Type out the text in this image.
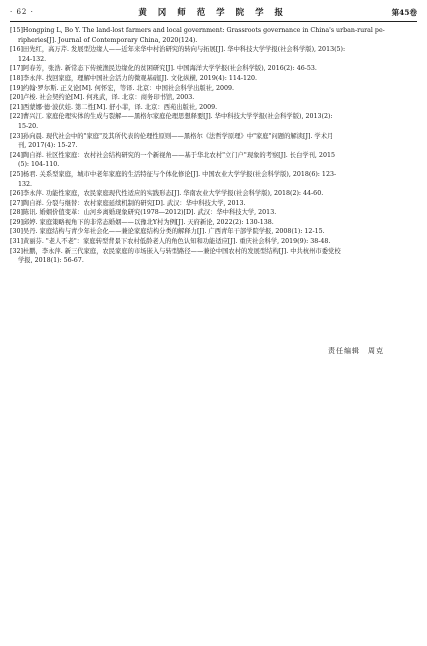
· 62 ·	黄 冈 师 范 学 院 学 报	第45卷
[15]Hongping L, Bo Y. The land-lost farmers and local government: Grassroots governance in China's urban-rural pe-
ripheries[J]. Journal of Contemporary China, 2020(124).
[16]田先红，高万芹. 发展型边缘人——近年来华中村治研究的转向与拓展[J]. 华中科技大学学报(社会科学版), 2013(5):
124-132.
[17]阿春芳，张浩. 新常态下传统渔民边缘化的贫困研究[J]. 中国海洋大学学报(社会科学版), 2016(2): 46-53.
[18]李永萍. 找回家庭，理解中国社会活力的微观基础[J]. 文化纵横, 2019(4): 114-120.
[19]约翰·罗尔斯. 正义论[M]. 何怀宏，等译. 北京：中国社会科学出版社, 2009.
[20]卢梭. 社会契约论[M]. 何兆武，译. 北京：商务印书馆, 2003.
[21]西蒙娜·德·波伏娃. 第二性[M]. 舒小菲，译. 北京：西苑出版社, 2009.
[22]曹兴江. 家庭伦理实体的生成与裂解——黑格尔家庭伦理思想释要[J]. 华中科技大学学报(社会科学版), 2013(2):
15-20.
[23]孙向晨. 现代社会中的"家庭"及其所代表的伦理性原则——黑格尔《法哲学原理》中"家庭"问题的解读[J]. 学术月
刊, 2017(4): 15-27.
[24]陶自祥. 社区性家庭：农村社会结构研究的一个新视角——基于华北农村"立门户"现象的考察[J]. 长白学刊, 2015
(5): 104-110.
[25]杨君. 关系型家庭，城市中老年家庭的生活特征与个体化修论[J]. 中国农业大学学报(社会科学版), 2018(6): 123-
132.
[26]李永萍. 功能性家庭，农民家庭现代性适应的实践形态[J]. 华南农业大学学报(社会科学版), 2018(2): 44-60.
[27]陶自祥. 分裂与继替：农村家庭延续机制的研究[D]. 武汉：华中科技大学, 2013.
[28]陈讯. 婚姻价值变革：山河乡离婚现象研究(1978—2012)[D]. 武汉：华中科技大学, 2013.
[29]邱婷. 家庭策略视角下的非常态婚姻——以豫北Y村为例[J]. 天府新论, 2022(2): 130-138.
[30]吴丹. 家庭结构与青少年社会化——兼论家庭结构分类的解释力[J]. 广西青年干部学院学报, 2008(1): 12-15.
[31]黄丽芬. "老人不老"：家庭转型背景下农村低龄老人的角色认知和功能适应[J]. 重庆社会科学, 2019(9): 38-48.
[32]杜鹏，李永萍. 新三代家庭，农民家庭的市场嵌入与转型路径——兼论中国农村的发展型结构[J]. 中共杭州市委党校
学报, 2018(1): 56-67.
责任编辑 周克
